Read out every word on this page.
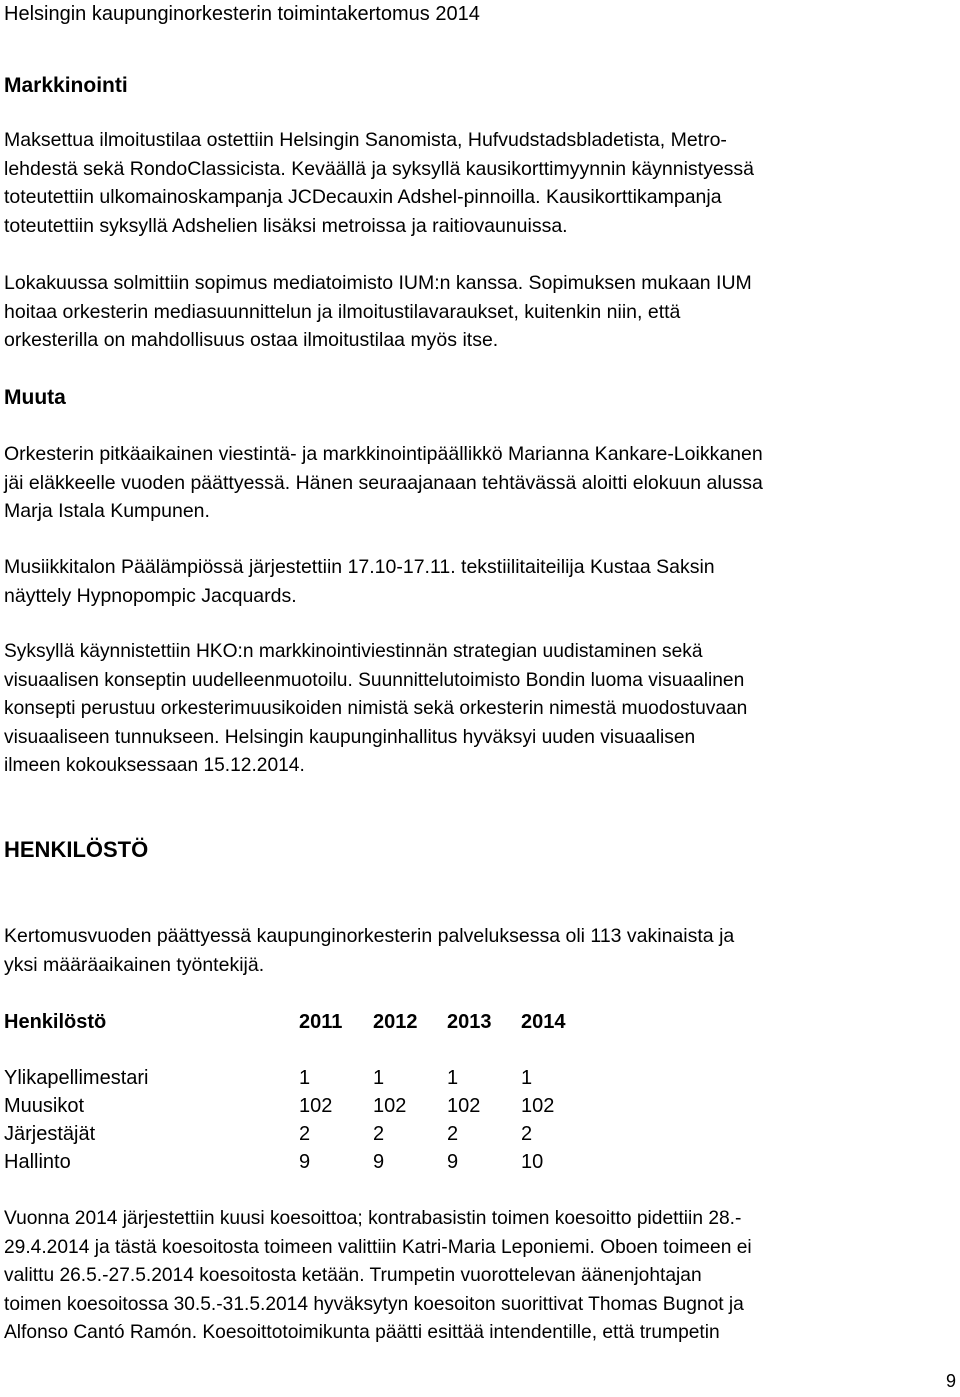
Helsingin kaupunginorkesterin toimintakertomus 2014
Markkinointi
Maksettua ilmoitustilaa ostettiin Helsingin Sanomista, Hufvudstadsbladetista, Metro-
lehdestä sekä RondoClassicista. Keväällä ja syksyllä kausikorttimyynnin käynnistyessä
toteutettiin ulkomainoskampanja JCDecauxin Adshel-pinnoilla. Kausikorttikampanja
toteutettiin syksyllä Adshelien lisäksi metroissa ja raitiovaunuissa.
Lokakuussa solmittiin sopimus mediatoimisto IUM:n kanssa. Sopimuksen mukaan IUM
hoitaa orkesterin mediasuunnittelun ja ilmoitustilavaraukset, kuitenkin niin, että
orkesterilla on mahdollisuus ostaa ilmoitustilaa myös itse.
Muuta
Orkesterin pitkäaikainen viestintä- ja markkinointipäällikkö Marianna Kankare-Loikkanen
jäi eläkkeelle vuoden päättyessä. Hänen seuraajanaan tehtävässä aloitti elokuun alussa
Marja Istala Kumpunen.
Musiikkitalon Päälämpiössä järjestettiin 17.10-17.11. tekstiilitaiteilija Kustaa Saksin
näyttely Hypnopompic Jacquards.
Syksyllä käynnistettiin HKO:n markkinointiviestinnän strategian uudistaminen sekä
visuaalisen konseptin uudelleenmuotoilu. Suunnittelutoimisto Bondin luoma visuaalinen
konsepti perustuu orkesterimuusikoiden nimistä sekä orkesterin nimestä muodostuvaan
visuaaliseen tunnukseen. Helsingin kaupunginhallitus hyväksyi uuden visuaalisen
ilmeen kokouksessaan 15.12.2014.
HENKILÖSTÖ
Kertomusvuoden päättyessä kaupunginorkesterin palveluksessa oli 113 vakinaista ja
yksi määräaikainen työntekijä.
Henkilöstö	2011	2012	2013	2014
Ylikapellimestari	1	1	1	1
Muusikot	102	102	102	102
Järjestäjät	2	2	2	2
Hallinto	9	9	9	10
Vuonna 2014 järjestettiin kuusi koesoittoa; kontrabasistin toimen koesoitto pidettiin 28.-
29.4.2014 ja tästä koesoitosta toimeen valittiin Katri-Maria Leponiemi. Oboen toimeen ei
valittu 26.5.-27.5.2014 koesoitosta ketään. Trumpetin vuorottelevan äänenjohtajan
toimen koesoitossa 30.5.-31.5.2014 hyväksytyn koesoiton suorittivat Thomas Bugnot ja
Alfonso Cantó Ramón. Koesoittotoimikunta päätti esittää intendentille, että trumpetin
9
